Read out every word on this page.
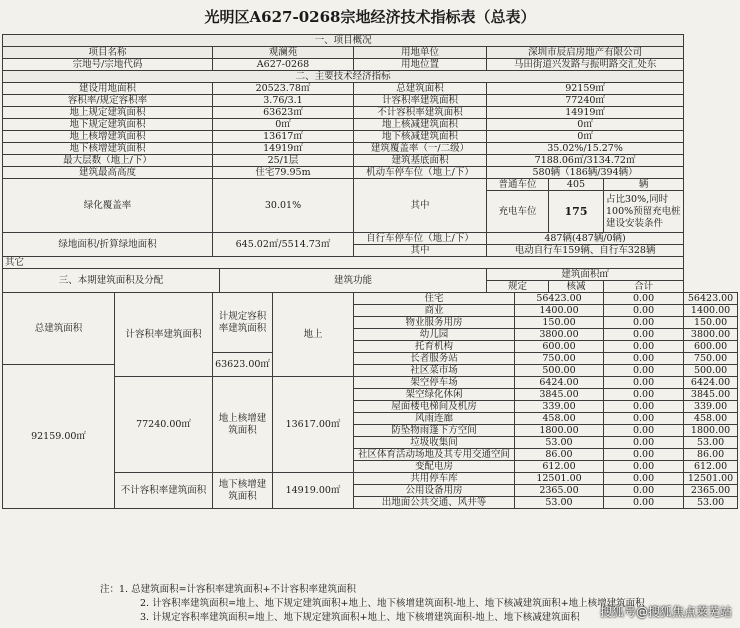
光明区A627-0268宗地经济技术指标表（总表）
一、项目概况										
项目名称		观澜苑			用地单位	深圳市辰启房地产有限公司				
宗地号/宗地代码		A627-0268			用地位置	马田街道兴发路与振明路交汇处东				
二、主要技术经济指标										
建设用地面积		20523.78㎡			总建筑面积	92159㎡				
容积率/规定容积率		3.76/3.1			计容积率建筑面积	77240㎡				
地上规定建筑面积		63623㎡			不计容积率建筑面积	14919㎡				
地下规定建筑面积		0㎡			地上核减建筑面积	0㎡				
地上核增建筑面积		13617㎡			地下核减建筑面积	0㎡				
地下核增建筑面积		14919㎡			建筑覆盖率（一/二级）	35.02%/15.27%				
最大层数（地上/下）		25/1层			建筑基底面积	7188.06㎡/3134.72㎡				
建筑最高高度		住宅79.95m			机动车停车位（地上/下）	580辆（186辆/394辆）				
绿化覆盖率		30.01%			其中	普通车位		405	辆	
						充电车位		175	占比30%,同时100%预留充电桩建设安装条件	

绿地面积/折算绿地面积		645.02㎡/5514.73㎡			自行车停车位（地上/下）	487辆(487辆/0辆)				
					其中	电动自行车159辆、自行车328辆				
其它										
三、本期建筑面积及分配			建筑功能			建筑面积㎡				
						规定		核减	合计	
总建筑面积	计容积率建筑面积	计规定容积率建筑面积		地上	住宅		56423.00		0.00	56423.00
					商业		1400.00		0.00	1400.00
					物业服务用房		150.00		0.00	150.00
					幼儿园		3800.00		0.00	3800.00
					托育机构		600.00		0.00	600.00
		63623.00㎡			长者服务站		750.00		0.00	750.00
92159.00㎡					社区菜市场		500.00		0.00	500.00
	77240.00㎡	地上核增建筑面积		13617.00㎡	架空停车场		6424.00		0.00	6424.00
					架空绿化休闲		3845.00		0.00	3845.00
					屋面楼电梯间及机房		339.00		0.00	339.00
					风雨连廊		458.00		0.00	458.00
					防坠物雨篷下方空间		1800.00		0.00	1800.00
					垃圾收集间		53.00		0.00	53.00
					社区体育活动场地及其专用交通空间		86.00		0.00	86.00
					变配电房		612.00		0.00	612.00
	不计容积率建筑面积	地下核增建筑面积		14919.00㎡	共用停车库		12501.00		0.00	12501.00
					公用设备用房		2365.00		0.00	2365.00
					出地面公共交通、风井等		53.00		0.00	53.00
注：1. 总建筑面积=计容积率建筑面积+不计容积率建筑面积
2. 计容积率建筑面积=地上、地下规定建筑面积+地上、地下核增建筑面积-地上、地下核减建筑面积+地上核增建筑面积
3. 计规定容积率建筑面积=地上、地下规定建筑面积+地上、地下核增建筑面积-地上、地下核减建筑面积	搜狐号@搜狐焦点莱芜站
